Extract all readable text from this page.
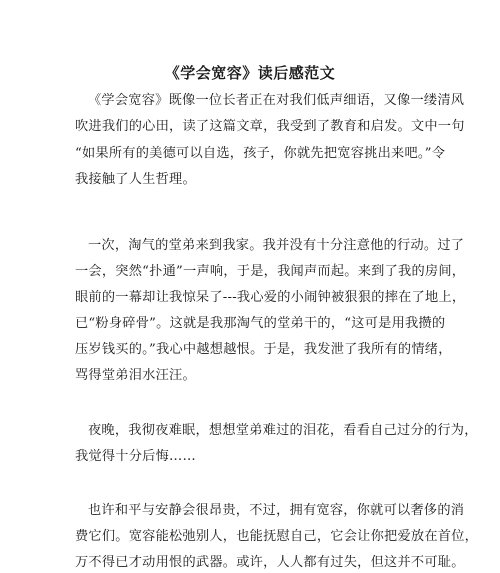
《学会宽容》读后感范文
《学会宽容》既像一位长者正在对我们低声细语，又像一缕清风
吹进我们的心田，读了这篇文章，我受到了教育和启发。文中一句
“如果所有的美德可以自选，孩子，你就先把宽容挑出来吧。”令
我接触了人生哲理。
一次，淘气的堂弟来到我家。我并没有十分注意他的行动。过了
一会，突然“扑通”一声响，于是，我闻声而起。来到了我的房间，
眼前的一幕却让我惊呆了---我心爱的小闹钟被狠狠的摔在了地上，
已“粉身碎骨”。这就是我那淘气的堂弟干的，“这可是用我攒的
压岁钱买的。”我心中越想越恨。于是，我发泄了我所有的情绪，
骂得堂弟泪水汪汪。
夜晚，我彻夜难眠，想想堂弟难过的泪花，看看自己过分的行为，
我觉得十分后悔……
也许和平与安静会很昂贵，不过，拥有宽容，你就可以奢侈的消
费它们。宽容能松弛别人，也能抚慰自己，它会让你把爱放在首位，
万不得已才动用恨的武器。或许，人人都有过失，但这并不可耻。
